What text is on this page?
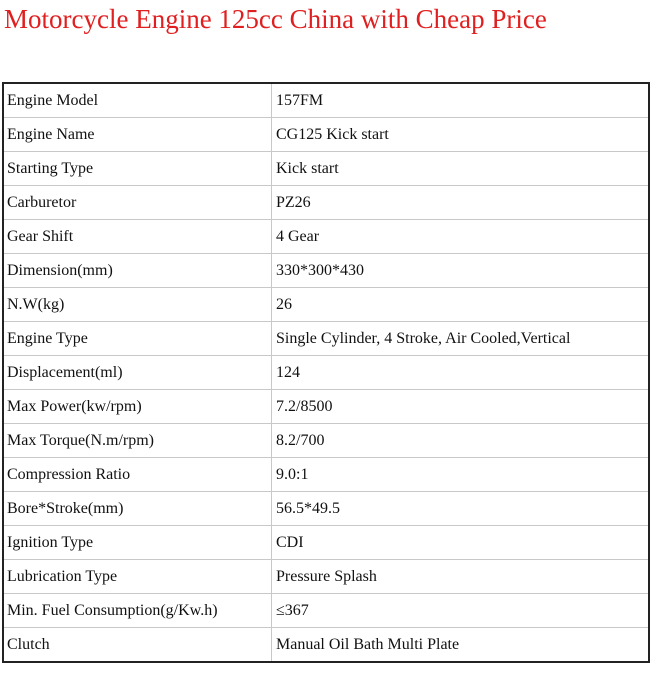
Motorcycle Engine 125cc China with Cheap Price
Engine Model	157FM
Engine Name	CG125 Kick start
Starting Type	Kick start
Carburetor	PZ26
Gear Shift	4 Gear
Dimension(mm)	330*300*430
N.W(kg)	26
Engine Type	Single Cylinder, 4 Stroke, Air Cooled,Vertical
Displacement(ml)	124
Max Power(kw/rpm)	7.2/8500
Max Torque(N.m/rpm)	8.2/700
Compression Ratio	9.0:1
Bore*Stroke(mm)	56.5*49.5
Ignition Type	CDI
Lubrication Type	Pressure Splash
Min. Fuel Consumption(g/Kw.h)	≤367
Clutch	Manual Oil Bath Multi Plate
